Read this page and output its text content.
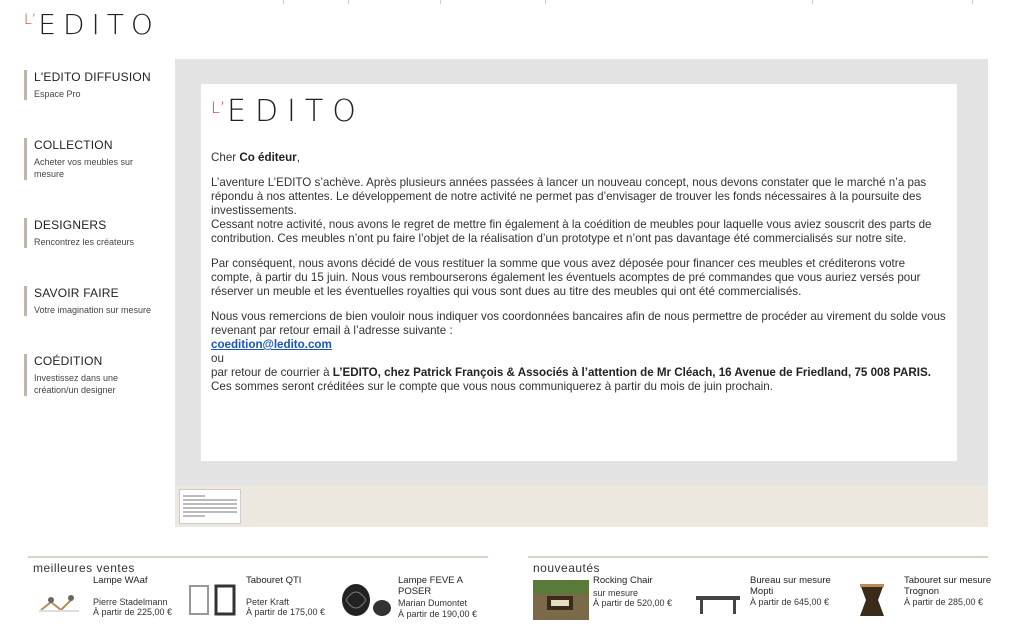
$^{L’}$EDITO
L'EDITO DIFFUSION
Espace Pro
COLLECTION
Acheter vos meubles sur mesure
DESIGNERS
Rencontrez les créateurs
SAVOIR FAIRE
Votre imagination sur mesure
COÉDITION
Investissez dans une création/un designer
$^{L’}$EDITO

Cher Co éditeur,

L’aventure L’EDITO s’achève. Après plusieurs années passées à lancer un nouveau concept, nous devons constater que le marché n’a pas répondu à nos attentes. Le développement de notre activité ne permet pas d’envisager de trouver les fonds nécessaires à la poursuite des investissements.

Cessant notre activité, nous avons le regret de mettre fin également à la coédition de meubles pour laquelle vous aviez souscrit des parts de contribution. Ces meubles n’ont pu faire l’objet de la réalisation d’un prototype et n’ont pas davantage été commercialisés sur notre site.

Par conséquent, nous avons décidé de vous restituer la somme que vous avez déposée pour financer ces meubles et créditerons votre compte, à partir du 15 juin. Nous vous rembourserons également les éventuels acomptes de pré commandes que vous auriez versés pour réserver un meuble et les éventuelles royalties qui vous sont dues au titre des meubles qui ont été commercialisés.

Nous vous remercions de bien vouloir nous indiquer vos coordonnées bancaires afin de nous permettre de procéder au virement du solde vous revenant par retour email à l’adresse suivante :

coedition@ledito.com

ou

par retour de courrier à L’EDITO, chez Patrick François & Associés à l’attention de Mr Cléach, 16 Avenue de Friedland, 75 008 PARIS.

Ces sommes seront créditées sur le compte que vous nous communiquerez à partir du mois de juin prochain.

meilleures ventes
Lampe WAaf
Pierre Stadelmann
À partir de 225,00 €
Tabouret QTI
Peter Kraft
À partir de 175,00 €
Lampe FEVE A POSER
Marian Dumontet
À partir de 190,00 €
nouveautés
Rocking Chair
sur mesure
À partir de 520,00 €
Bureau sur mesure Mopti
À partir de 645,00 €
Tabouret sur mesure Trognon
À partir de 285,00 €
